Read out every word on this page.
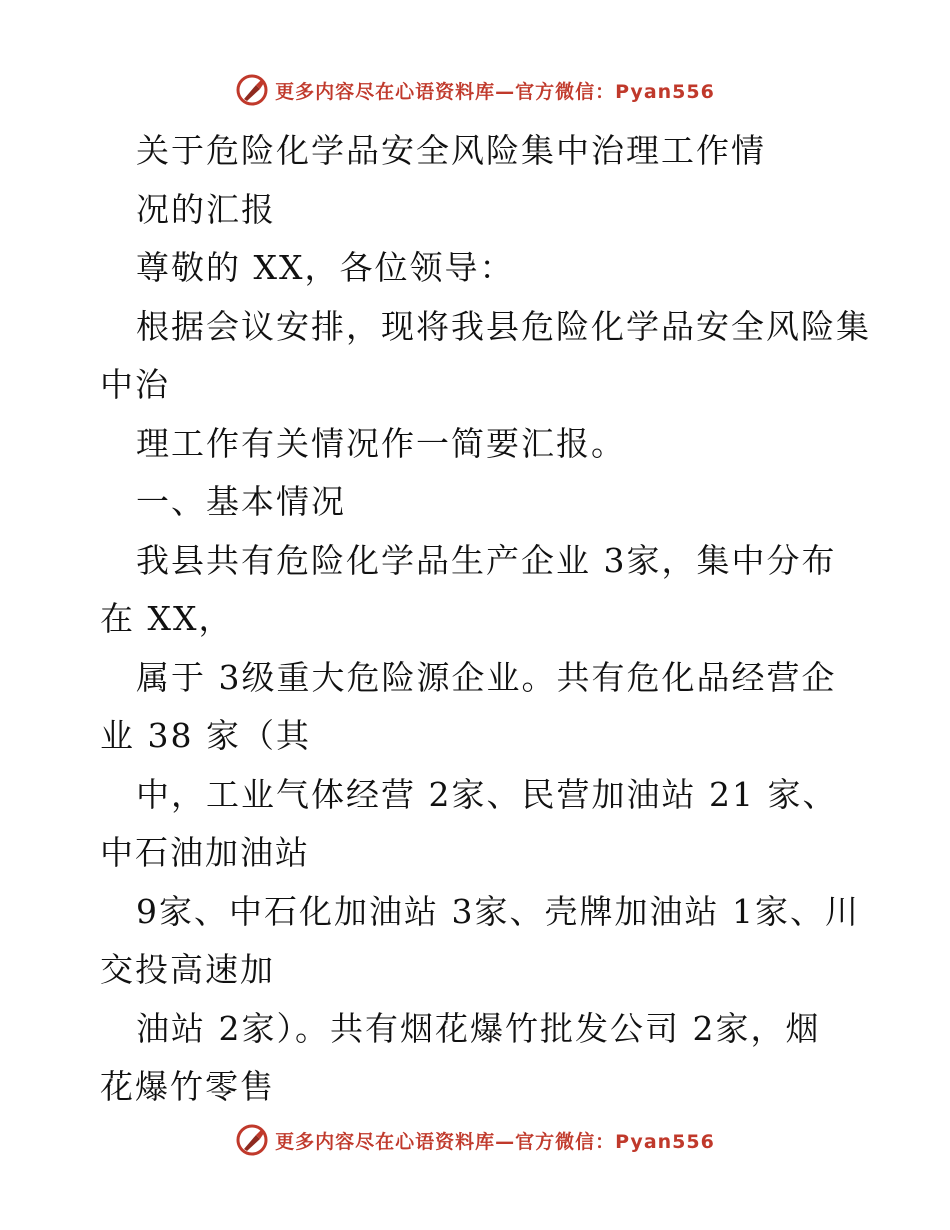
更多内容尽在心语资料库—官方微信：Pyan556
关于危险化学品安全风险集中治理工作情
况的汇报
尊敬的 XX，各位领导：
根据会议安排，现将我县危险化学品安全风险集
中治
理工作有关情况作一简要汇报。
一、基本情况
我县共有危险化学品生产企业 3家，集中分布
在 XX，
属于 3级重大危险源企业。共有危化品经营企
业 38 家（其
中，工业气体经营 2家、民营加油站 21 家、
中石油加油站
9家、中石化加油站 3家、壳牌加油站 1家、川
交投高速加
油站 2家）。共有烟花爆竹批发公司 2家，烟
花爆竹零售
更多内容尽在心语资料库—官方微信：Pyan556
